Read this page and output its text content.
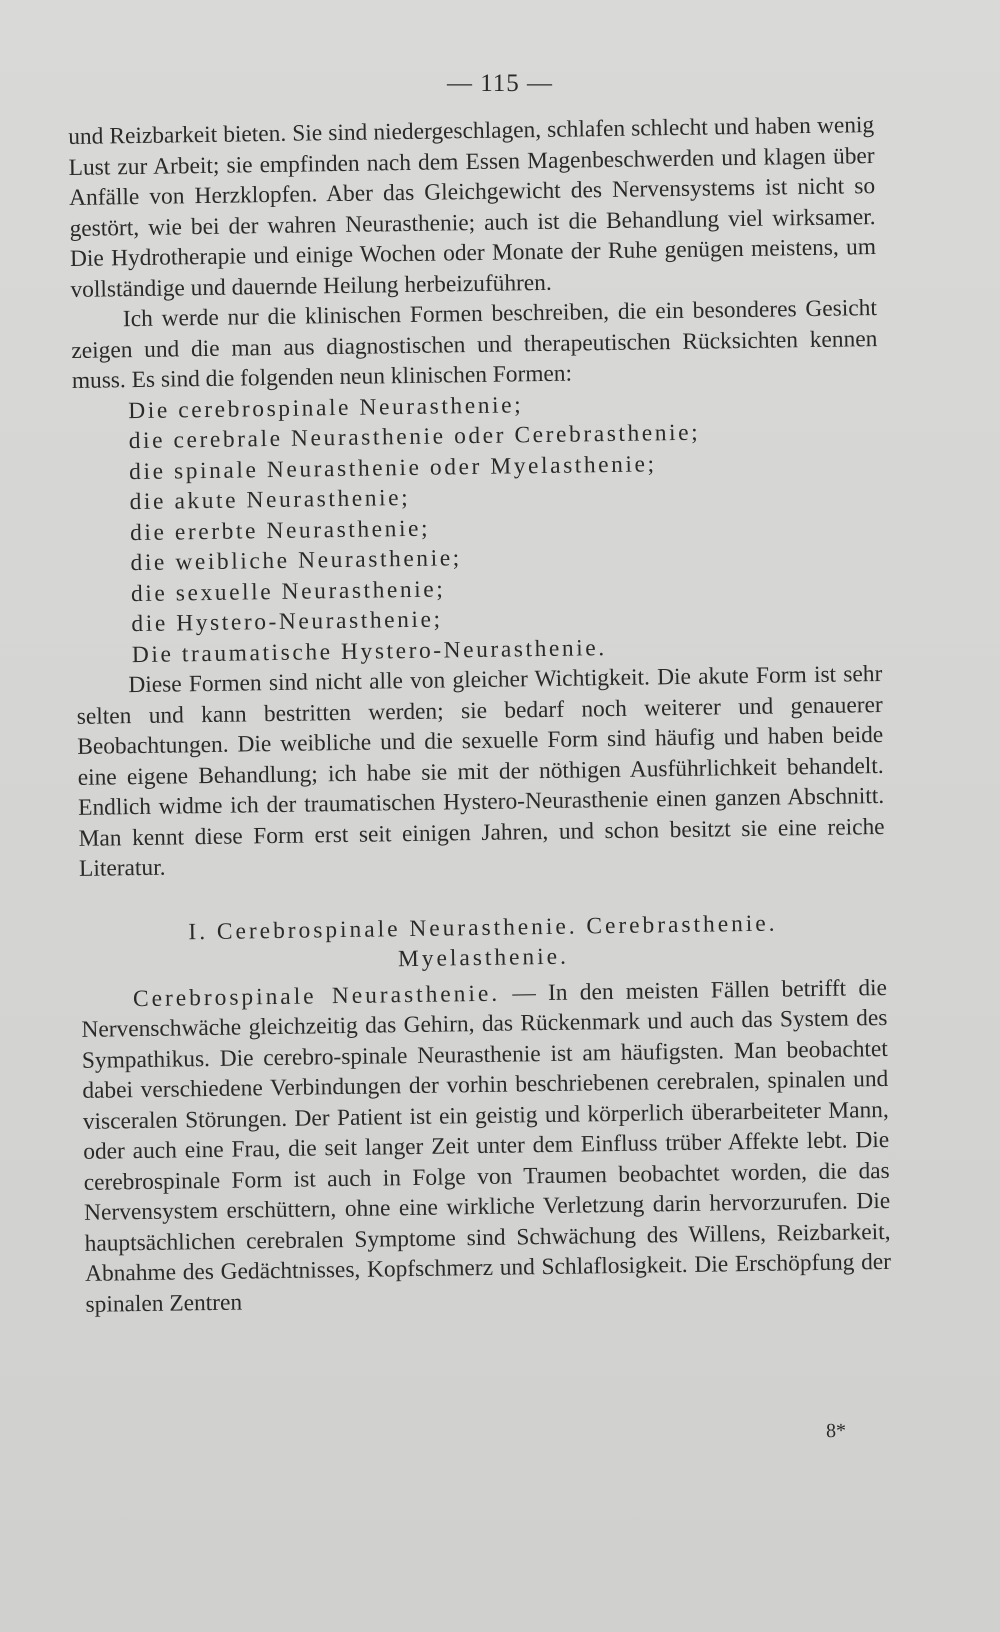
— 115 —

und Reizbarkeit bieten. Sie sind niedergeschlagen, schlafen schlecht und haben wenig Lust zur Arbeit; sie empfinden nach dem Essen Magenbeschwerden und klagen über Anfälle von Herzklopfen. Aber das Gleichgewicht des Nervensystems ist nicht so gestört, wie bei der wahren Neurasthenie; auch ist die Behandlung viel wirksamer. Die Hydrotherapie und einige Wochen oder Monate der Ruhe genügen meistens, um vollständige und dauernde Heilung herbeizuführen.

Ich werde nur die klinischen Formen beschreiben, die ein besonderes Gesicht zeigen und die man aus diagnostischen und therapeutischen Rücksichten kennen muss. Es sind die folgenden neun klinischen Formen:

Die cerebrospinale Neurasthenie;
die cerebrale Neurasthenie oder Cerebrasthenie;
die spinale Neurasthenie oder Myelasthenie;
die akute Neurasthenie;
die ererbte Neurasthenie;
die weibliche Neurasthenie;
die sexuelle Neurasthenie;
die Hystero-Neurasthenie;
Die traumatische Hystero-Neurasthenie.

Diese Formen sind nicht alle von gleicher Wichtigkeit. Die akute Form ist sehr selten und kann bestritten werden; sie bedarf noch weiterer und genauerer Beobachtungen. Die weibliche und die sexuelle Form sind häufig und haben beide eine eigene Behandlung; ich habe sie mit der nöthigen Ausführlichkeit behandelt. Endlich widme ich der traumatischen Hystero-Neurasthenie einen ganzen Abschnitt. Man kennt diese Form erst seit einigen Jahren, und schon besitzt sie eine reiche Literatur.

I. Cerebrospinale Neurasthenie. Cerebrasthenie.
Myelasthenie.

Cerebrospinale Neurasthenie. — In den meisten Fällen betrifft die Nervenschwäche gleichzeitig das Gehirn, das Rückenmark und auch das System des Sympathikus. Die cerebro-spinale Neurasthenie ist am häufigsten. Man beobachtet dabei verschiedene Verbindungen der vorhin beschriebenen cerebralen, spinalen und visceralen Störungen. Der Patient ist ein geistig und körperlich überarbeiteter Mann, oder auch eine Frau, die seit langer Zeit unter dem Einfluss trüber Affekte lebt. Die cerebrospinale Form ist auch in Folge von Traumen beobachtet worden, die das Nervensystem erschüttern, ohne eine wirkliche Verletzung darin hervorzurufen. Die hauptsächlichen cerebralen Symptome sind Schwächung des Willens, Reizbarkeit, Abnahme des Gedächtnisses, Kopfschmerz und Schlaflosigkeit. Die Erschöpfung der spinalen Zentren

8*
